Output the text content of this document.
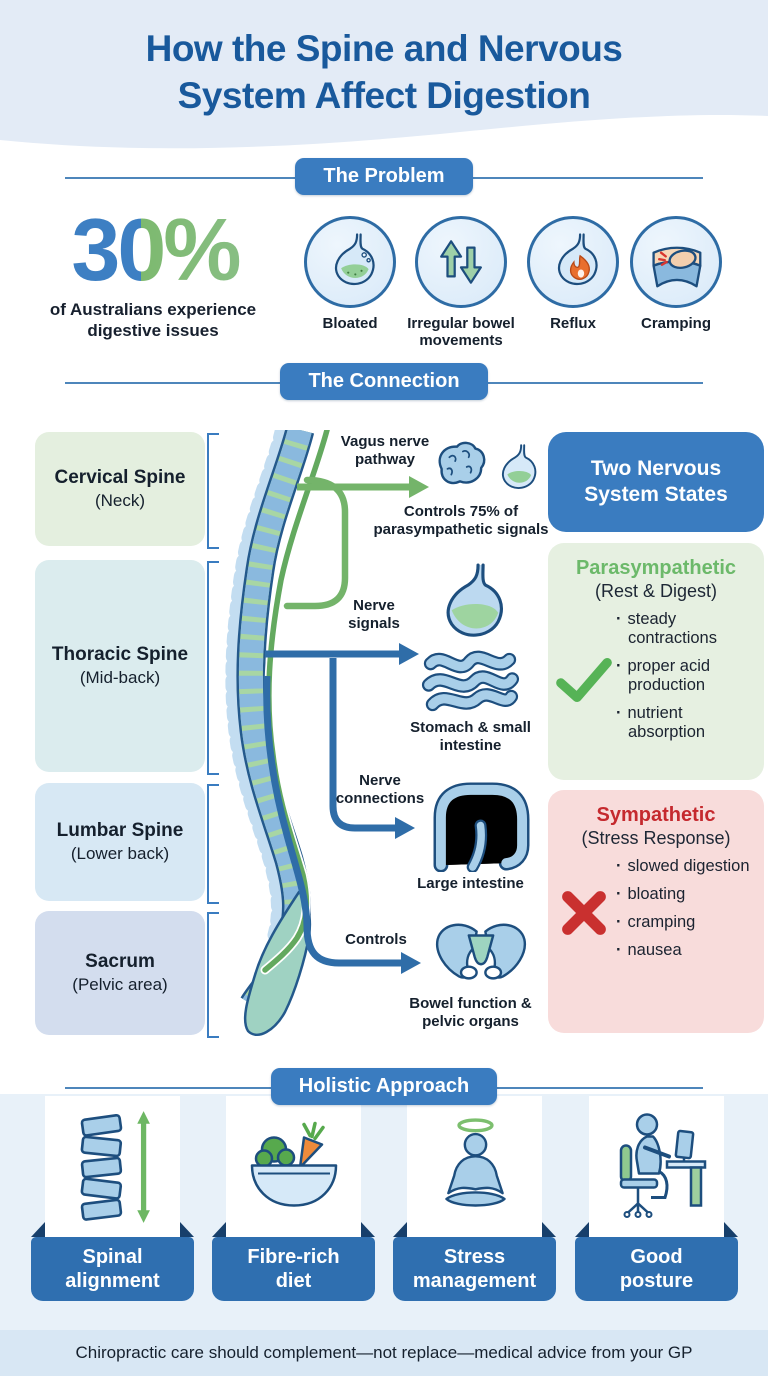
How the Spine and Nervous
System Affect Digestion
The Problem
30%
of Australians experience digestive issues	Bloated	Irregular bowel movements
Reflux	Cramping
The Connection
Cervical Spine
(Neck)
Thoracic Spine
(Mid-back)
Lumbar Spine
(Lower back)
Sacrum
(Pelvic area)
Vagus nerve pathway
Controls 75% of parasympathetic signals
Nerve signals
Stomach & small intestine
Nerve connections
Large intestine
Controls
Bowel function & pelvic organs
Two Nervous System States
Parasympathetic
(Rest & Digest)
· steady contractions
· proper acid production
· nutrient absorption
Sympathetic
(Stress Response)
· slowed digestion
· bloating
· cramping
· nausea
Holistic Approach
Spinal alignment
Fibre-rich diet
Stress management
Good posture
Chiropractic care should complement—not replace—medical advice from your GP
